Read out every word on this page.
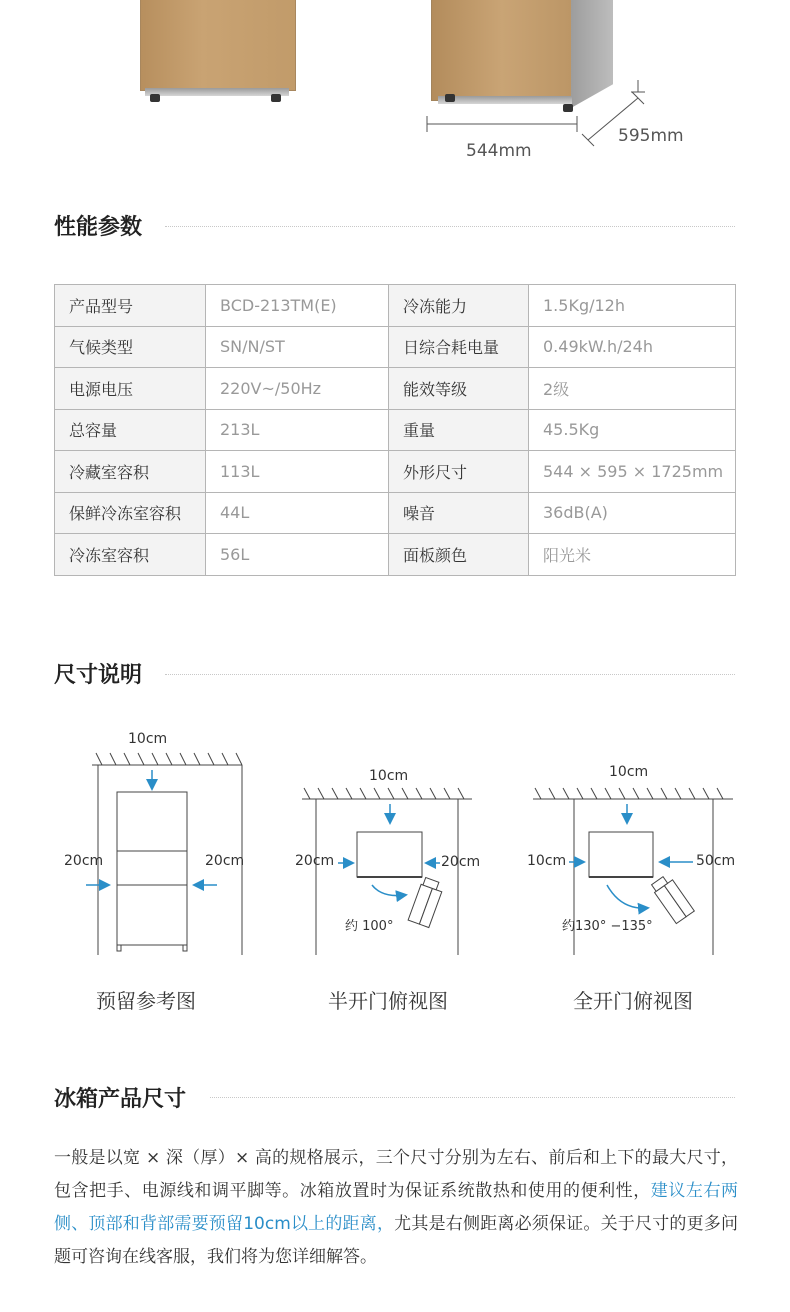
544mm
595mm
性能参数
产品型号	BCD-213TM(E)	冷冻能力	1.5Kg/12h
气候类型	SN/N/ST	日综合耗电量	0.49kW.h/24h
电源电压	220V~/50Hz	能效等级	2级
总容量	213L	重量	45.5Kg
冷藏室容积	113L	外形尺寸	544 × 595 × 1725mm
保鲜冷冻室容积	44L	噪音	36dB(A)
冷冻室容积	56L	面板颜色	阳光米
尺寸说明
10cm
20cm	20cm
预留参考图
10cm
20cm	20cm
约 100°
半开门俯视图
10cm
10cm	50cm
约130° −135°
全开门俯视图
冰箱产品尺寸
一般是以宽 × 深（厚）× 高的规格展示，三个尺寸分别为左右、前后和上下的最大尺寸，包含把手、电源线和调平脚等。冰箱放置时为保证系统散热和使用的便利性，建议左右两侧、顶部和背部需要预留10cm以上的距离，尤其是右侧距离必须保证。关于尺寸的更多问题可咨询在线客服，我们将为您详细解答。
